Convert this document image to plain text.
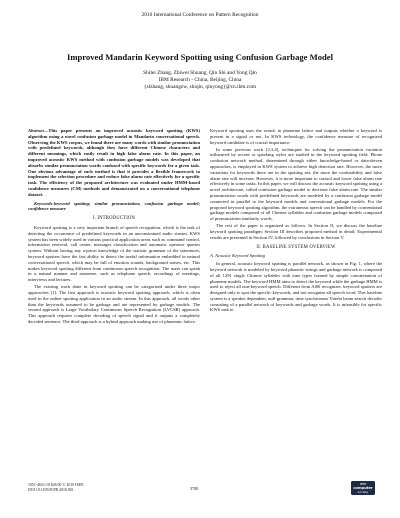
2010 International Conference on Pattern Recognition
Improved Mandarin Keyword Spotting using Confusion Garbage Model
Shilei Zhang, Zhiwei Shuang, Qin Shi and Yong Qin
IBM Research - China, Beijing, China
{slzhang, shuangzw, shiqin, qinyong}@cn.ibm.com

Abstract—This paper presents an improved acoustic keyword spotting (KWS) algorithm using a novel confusion garbage model in Mandarin conversational speech. Observing the KWS corpus, we found there are many words with similar pronunciation with predefined keywords, although they have different Chinese characters and different meanings, which easily result in high false alarm rate. In this paper, an improved acoustic KWS method with confusion garbage models was developed that absorbs similar pronunciation words confused with specific keywords for a given task. One obvious advantage of such method is that it provides a flexible framework to implement the selection procedure and reduce false alarm rate effectively for a specific task. The efficiency of the proposed architecture was evaluated under HMM-based confidence measures (CM) methods and demonstrated on a conversational telephone dataset.

Keywords-keyword spotting; similar pronunciation; confusion garbage model; confidence measure

I. INTRODUCTION

Keyword spotting is a very important branch of speech recognition, which is the task of detecting the occurrence of predefined keywords in an unconstrained audio stream. KWS system has been widely used in various practical application areas such as command control, information retrieval, call center, messages classification and automatic operator queries system. Without having any a-priori knowledge of the statistic grammar of the utterances, keyword spotters have the fast ability to detect the useful information embedded in natural conversational speech, which may be full of emotion sounds, background noises, etc. This makes keyword spotting different from continuous speech recognition. The users can speak in a natural manner and nonsense, such as telephone speech, recordings of meetings, interviews and lectures.

The existing work done in keyword spotting can be categorized under three major approaches [1]. The first approach is acoustic keyword spotting approach, which is often used in the online spotting application in an audio stream. In this approach, all words other than the keywords assumed to be garbage and are represented by garbage models. The second approach is Large Vocabulary Continuous Speech Recognition (LVCSR) approach. This approach requires complete decoding of speech signal and it outputs a completely decoded sentence. The third approach is a hybrid approach making use of phonemic lattice.

Keyword spotting uses the search in phoneme lattice and outputs whether a keyword is present in a signal or not. In KWS technology, the confidence measure of recognized keyword candidate is of crucial importance.

In some previous work [2,3,4], techniques for solving the pronunciation variation influenced by accent or speaking styles are studied in the keyword spotting field. Phone confusion network method, determined through either knowledge-based or data-driven approaches, is employed in KWS system to achieve high detection rate. However, the more variations for keywords there are in the spotting net, the more the confusability and false alarm rate will increase. However, it is more important to control and lower false alarm rate effectively in some tasks. In this paper, we will discuss the acoustic keyword spotting using a novel architecture, called confusion garbage model to decrease false alarm rate. The similar pronunciation words with predefined keywords are modeled by a confusion garbage model connected in parallel to the keyword models and conventional garbage models. For the proposed keyword spotting algorithm, the extraneous speech can be handled by conventional garbage models composed of all Chinese syllables and confusion garbage models composed of pronunciation similarity words.

The rest of the paper is organized as follows. In Section II, we discuss the baseline keyword spotting paradigm; Section III describes proposed method in detail; Experimental results are presented in Section IV, followed by conclusions in Section V.

II. BASELINE SYSTEM OVERVIEW
A. Acoustic Keyword Spotting

In general, acoustic keyword spotting is parallel network, as shown in Fig. 1, where the keyword network is modeled by keyword phonetic strings and garbage network is composed of all 1291 single Chinese syllables with tone types formed by simple concatenation of phoneme models. The keyword HMM aims to detect the keyword while the garbage HMM is used to reject all non-keyword speech. Different from ASR recognizer, keyword spotters are designed only to spot the specific keywords, and not recognize all speech word. This baseline system is a speaker dependent, null-grammar, time synchronous Viterbi beam search decoder consisting of a parallel network of keywords and garbage words. It is infeasible for specific KWS task to

1051-4651/10 $26.00 © 2010 IEEE
DOI 10.1109/ICPR.2010.901	3700
IEEE
computer
society
